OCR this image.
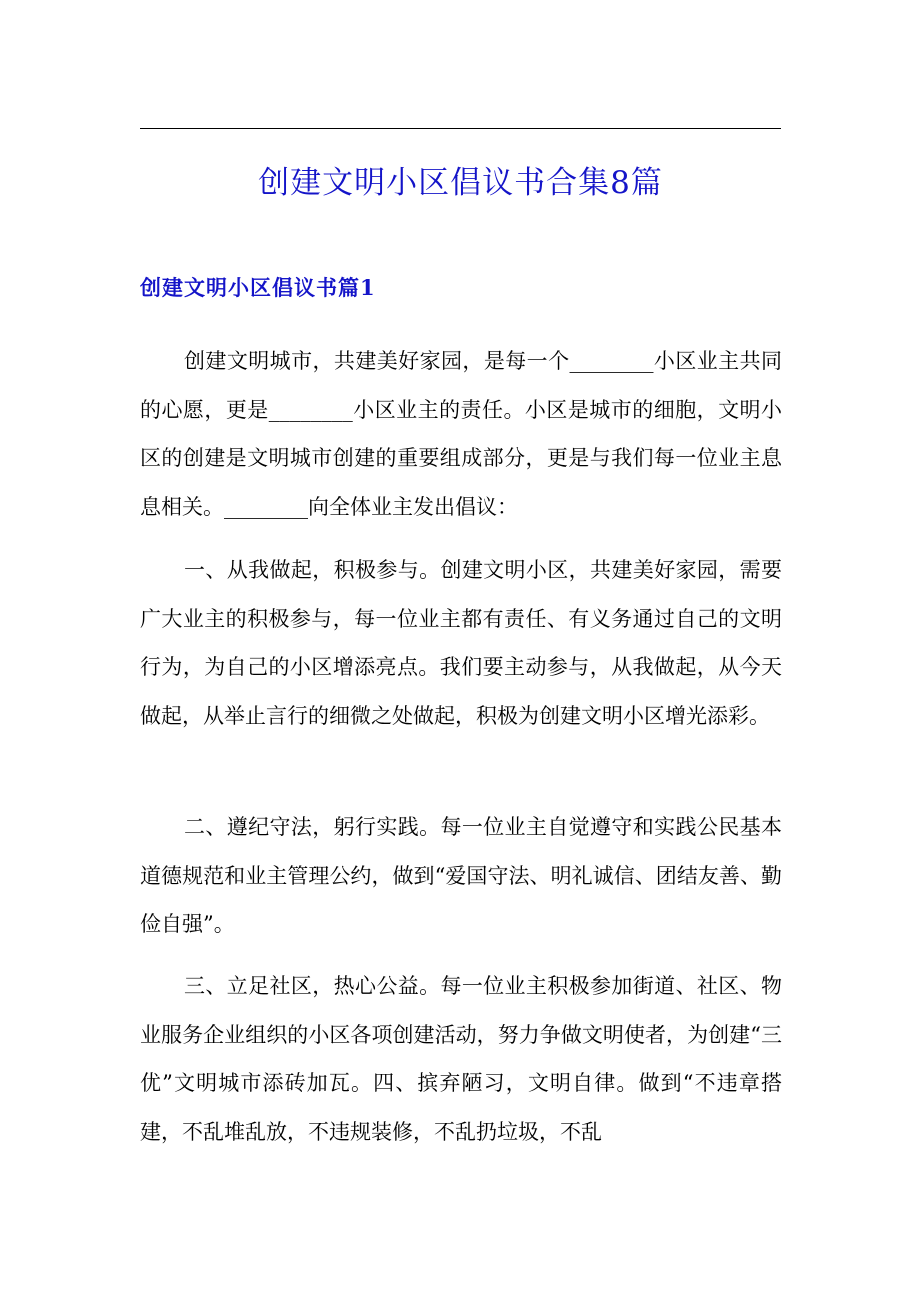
创建文明小区倡议书合集8篇
创建文明小区倡议书篇1

创建文明城市，共建美好家园，是每一个________小区业主共同的心愿，更是________小区业主的责任。小区是城市的细胞，文明小区的创建是文明城市创建的重要组成部分，更是与我们每一位业主息息相关。________向全体业主发出倡议：

一、从我做起，积极参与。创建文明小区，共建美好家园，需要广大业主的积极参与，每一位业主都有责任、有义务通过自己的文明行为，为自己的小区增添亮点。我们要主动参与，从我做起，从今天做起，从举止言行的细微之处做起，积极为创建文明小区增光添彩。

二、遵纪守法，躬行实践。每一位业主自觉遵守和实践公民基本道德规范和业主管理公约，做到“爱国守法、明礼诚信、团结友善、勤俭自强”。

三、立足社区，热心公益。每一位业主积极参加街道、社区、物业服务企业组织的小区各项创建活动，努力争做文明使者，为创建“三优”文明城市添砖加瓦。四、摈弃陋习，文明自律。做到“不违章搭建，不乱堆乱放，不违规装修，不乱扔垃圾，不乱
